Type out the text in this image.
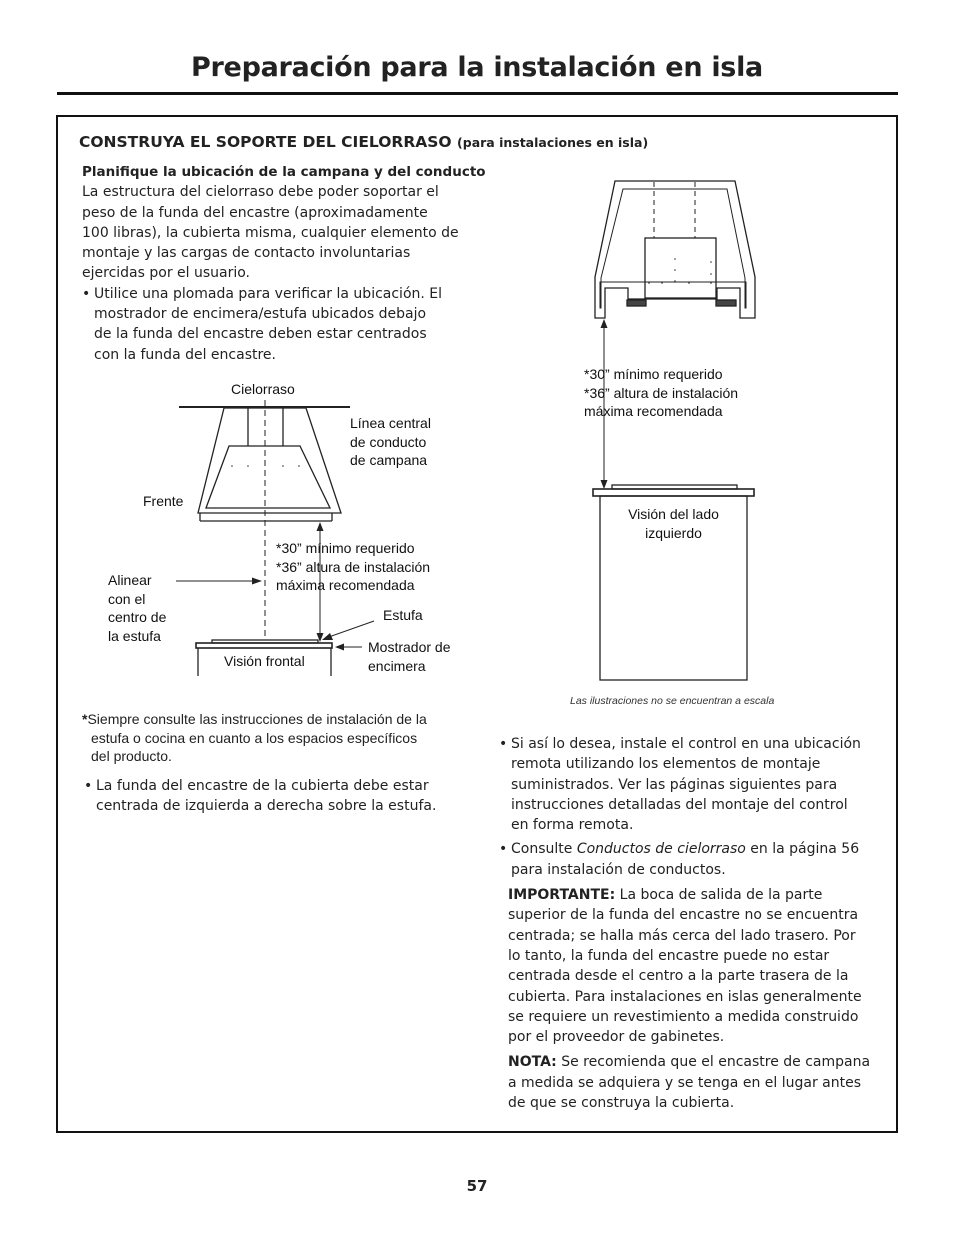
Preparación para la instalación en isla
CONSTRUYA EL SOPORTE DEL CIELORRASO (para instalaciones en isla)

Planifique la ubicación de la campana y del conducto

La estructura del cielorraso debe poder soportar el

peso de la funda del encastre (aproximadamente

100 libras), la cubierta misma, cualquier elemento de

montaje y las cargas de contacto involuntarias

ejercidas por el usuario.

• Utilice una plomada para verificar la ubicación. El

mostrador de encimera/estufa ubicados debajo

de la funda del encastre deben estar centrados

con la funda del encastre.

Cielorraso
Línea central
de conducto
de campana
Frente
*30” mínimo requerido
*36” altura de instalación
máxima recomendada
Alinear
con el
centro de
la estufa
Estufa
Mostrador de
encimera
Visión frontal
*30” mínimo requerido
*36” altura de instalación
máxima recomendada
Visión del lado
izquierdo
Las ilustraciones no se encuentran a escala
*Siempre consulte las instrucciones de instalación de la
estufa o cocina en cuanto a los espacios específicos
del producto.

• La funda del encastre de la cubierta debe estar

centrada de izquierda a derecha sobre la estufa.

• Si así lo desea, instale el control en una ubicación

remota utilizando los elementos de montaje

suministrados. Ver las páginas siguientes para

instrucciones detalladas del montaje del control

en forma remota.

• Consulte Conductos de cielorraso en la página 56

para instalación de conductos.

IMPORTANTE: La boca de salida de la parte

superior de la funda del encastre no se encuentra

centrada; se halla más cerca del lado trasero. Por

lo tanto, la funda del encastre puede no estar

centrada desde el centro a la parte trasera de la

cubierta. Para instalaciones en islas generalmente

se requiere un revestimiento a medida construido

por el proveedor de gabinetes.

NOTA: Se recomienda que el encastre de campana

a medida se adquiera y se tenga en el lugar antes

de que se construya la cubierta.

57
